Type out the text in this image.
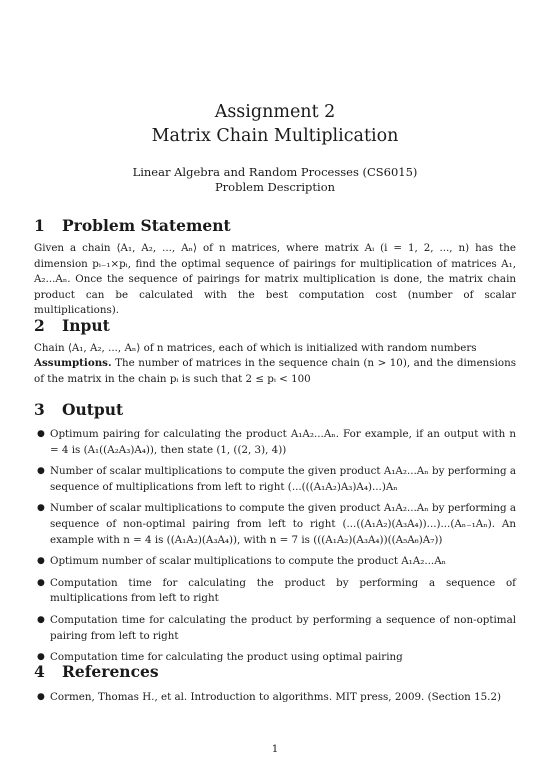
Assignment 2

Matrix Chain Multiplication

Linear Algebra and Random Processes (CS6015)

Problem Description

1 Problem Statement

Given a chain ⟨A₁, A₂, ..., Aₙ⟩ of n matrices, where matrix Aᵢ (i = 1, 2, ..., n) has the dimension pᵢ₋₁×pᵢ, find the optimal sequence of pairings for multiplication of matrices A₁, A₂...Aₙ. Once the sequence of pairings for matrix multiplication is done, the matrix chain product can be calculated with the best computation cost (number of scalar multiplications).

2 Input

Chain ⟨A₁, A₂, ..., Aₙ⟩ of n matrices, each of which is initialized with random numbers

Assumptions. The number of matrices in the sequence chain (n > 10), and the dimensions of the matrix in the chain pᵢ is such that 2 ≤ pᵢ < 100

3 Output
● Optimum pairing for calculating the product A₁A₂...Aₙ. For example, if an output with n = 4 is (A₁((A₂A₃)A₄)), then state (1, ((2, 3), 4))
● Number of scalar multiplications to compute the given product A₁A₂...Aₙ by performing a sequence of multiplications from left to right (...(((A₁A₂)A₃)A₄)...)Aₙ
● Number of scalar multiplications to compute the given product A₁A₂...Aₙ by performing a sequence of non-optimal pairing from left to right (...((A₁A₂)(A₃A₄))...)...(Aₙ₋₁Aₙ). An example with n = 4 is ((A₁A₂)(A₃A₄)), with n = 7 is (((A₁A₂)(A₃A₄))((A₅A₆)A₇))
● Optimum number of scalar multiplications to compute the product A₁A₂...Aₙ
● Computation time for calculating the product by performing a sequence of multiplications from left to right
● Computation time for calculating the product by performing a sequence of non-optimal pairing from left to right
● Computation time for calculating the product using optimal pairing
4 References
● Cormen, Thomas H., et al. Introduction to algorithms. MIT press, 2009. (Section 15.2)
1
